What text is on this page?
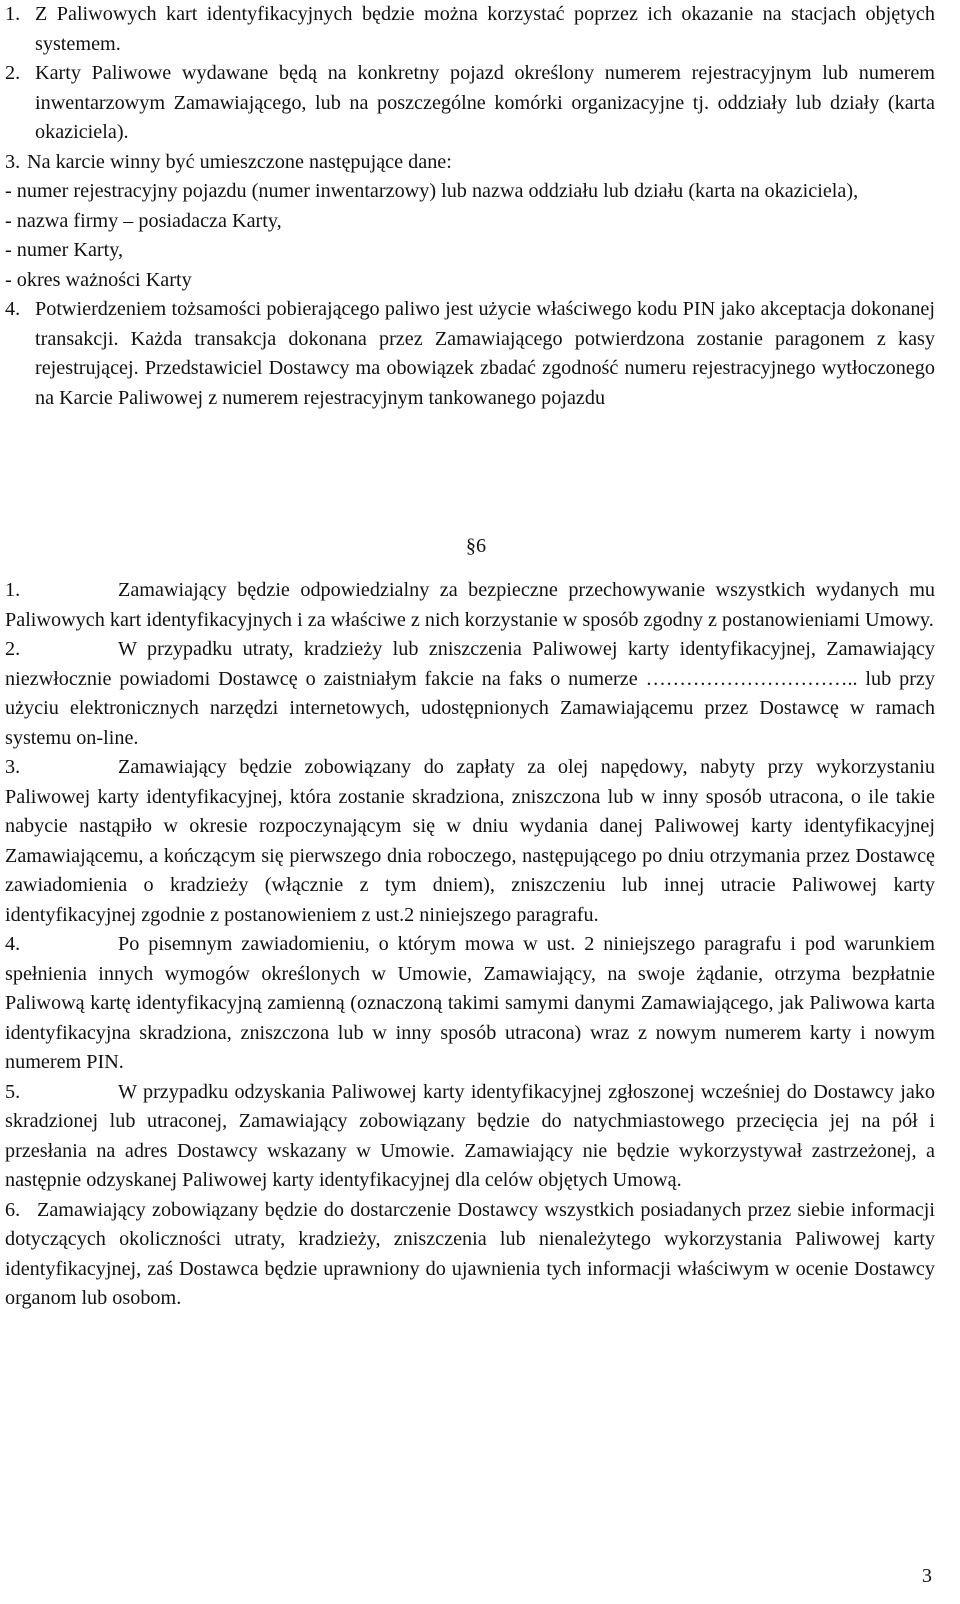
1. Z Paliwowych kart identyfikacyjnych będzie można korzystać poprzez ich okazanie na stacjach objętych systemem.

2. Karty Paliwowe wydawane będą na konkretny pojazd określony numerem rejestracyjnym lub numerem inwentarzowym Zamawiającego, lub na poszczególne komórki organizacyjne tj. oddziały lub działy (karta okaziciela).

3. Na karcie winny być umieszczone następujące dane:

- numer rejestracyjny pojazdu (numer inwentarzowy) lub nazwa oddziału lub działu (karta na okaziciela),

- nazwa firmy – posiadacza Karty,

- numer Karty,

- okres ważności Karty

4. Potwierdzeniem tożsamości pobierającego paliwo jest użycie właściwego kodu PIN jako akceptacja dokonanej transakcji. Każda transakcja dokonana przez Zamawiającego potwierdzona zostanie paragonem z kasy rejestrującej. Przedstawiciel Dostawcy ma obowiązek zbadać zgodność numeru rejestracyjnego wytłoczonego na Karcie Paliwowej z numerem rejestracyjnym tankowanego pojazdu

§6

1.	Zamawiający będzie odpowiedzialny za bezpieczne przechowywanie wszystkich wydanych mu Paliwowych kart identyfikacyjnych i za właściwe z nich korzystanie w sposób zgodny z postanowieniami Umowy.

2.	W przypadku utraty, kradzieży lub zniszczenia Paliwowej karty identyfikacyjnej, Zamawiający niezwłocznie powiadomi Dostawcę o zaistniałym fakcie na faks o numerze ………………………….. lub przy użyciu elektronicznych narzędzi internetowych, udostępnionych Zamawiającemu przez Dostawcę w ramach systemu on-line.

3.	Zamawiający będzie zobowiązany do zapłaty za olej napędowy, nabyty przy wykorzystaniu Paliwowej karty identyfikacyjnej, która zostanie skradziona, zniszczona lub w inny sposób utracona, o ile takie nabycie nastąpiło w okresie rozpoczynającym się w dniu wydania danej Paliwowej karty identyfikacyjnej Zamawiającemu, a kończącym się pierwszego dnia roboczego, następującego po dniu otrzymania przez Dostawcę zawiadomienia o kradzieży (włącznie z tym dniem), zniszczeniu lub innej utracie Paliwowej karty identyfikacyjnej zgodnie z postanowieniem z ust.2 niniejszego paragrafu.

4.	Po pisemnym zawiadomieniu, o którym mowa w ust. 2 niniejszego paragrafu i pod warunkiem spełnienia innych wymogów określonych w Umowie, Zamawiający, na swoje żądanie, otrzyma bezpłatnie Paliwową kartę identyfikacyjną zamienną (oznaczoną takimi samymi danymi Zamawiającego, jak Paliwowa karta identyfikacyjna skradziona, zniszczona lub w inny sposób utracona) wraz z nowym numerem karty i nowym numerem PIN.

5.	W przypadku odzyskania Paliwowej karty identyfikacyjnej zgłoszonej wcześniej do Dostawcy jako skradzionej lub utraconej, Zamawiający zobowiązany będzie do natychmiastowego przecięcia jej na pół i przesłania na adres Dostawcy wskazany w Umowie. Zamawiający nie będzie wykorzystywał zastrzeżonej, a następnie odzyskanej Paliwowej karty identyfikacyjnej dla celów objętych Umową.

6. Zamawiający zobowiązany będzie do dostarczenie Dostawcy wszystkich posiadanych przez siebie informacji dotyczących okoliczności utraty, kradzieży, zniszczenia lub nienależytego wykorzystania Paliwowej karty identyfikacyjnej, zaś Dostawca będzie uprawniony do ujawnienia tych informacji właściwym w ocenie Dostawcy organom lub osobom.

3
